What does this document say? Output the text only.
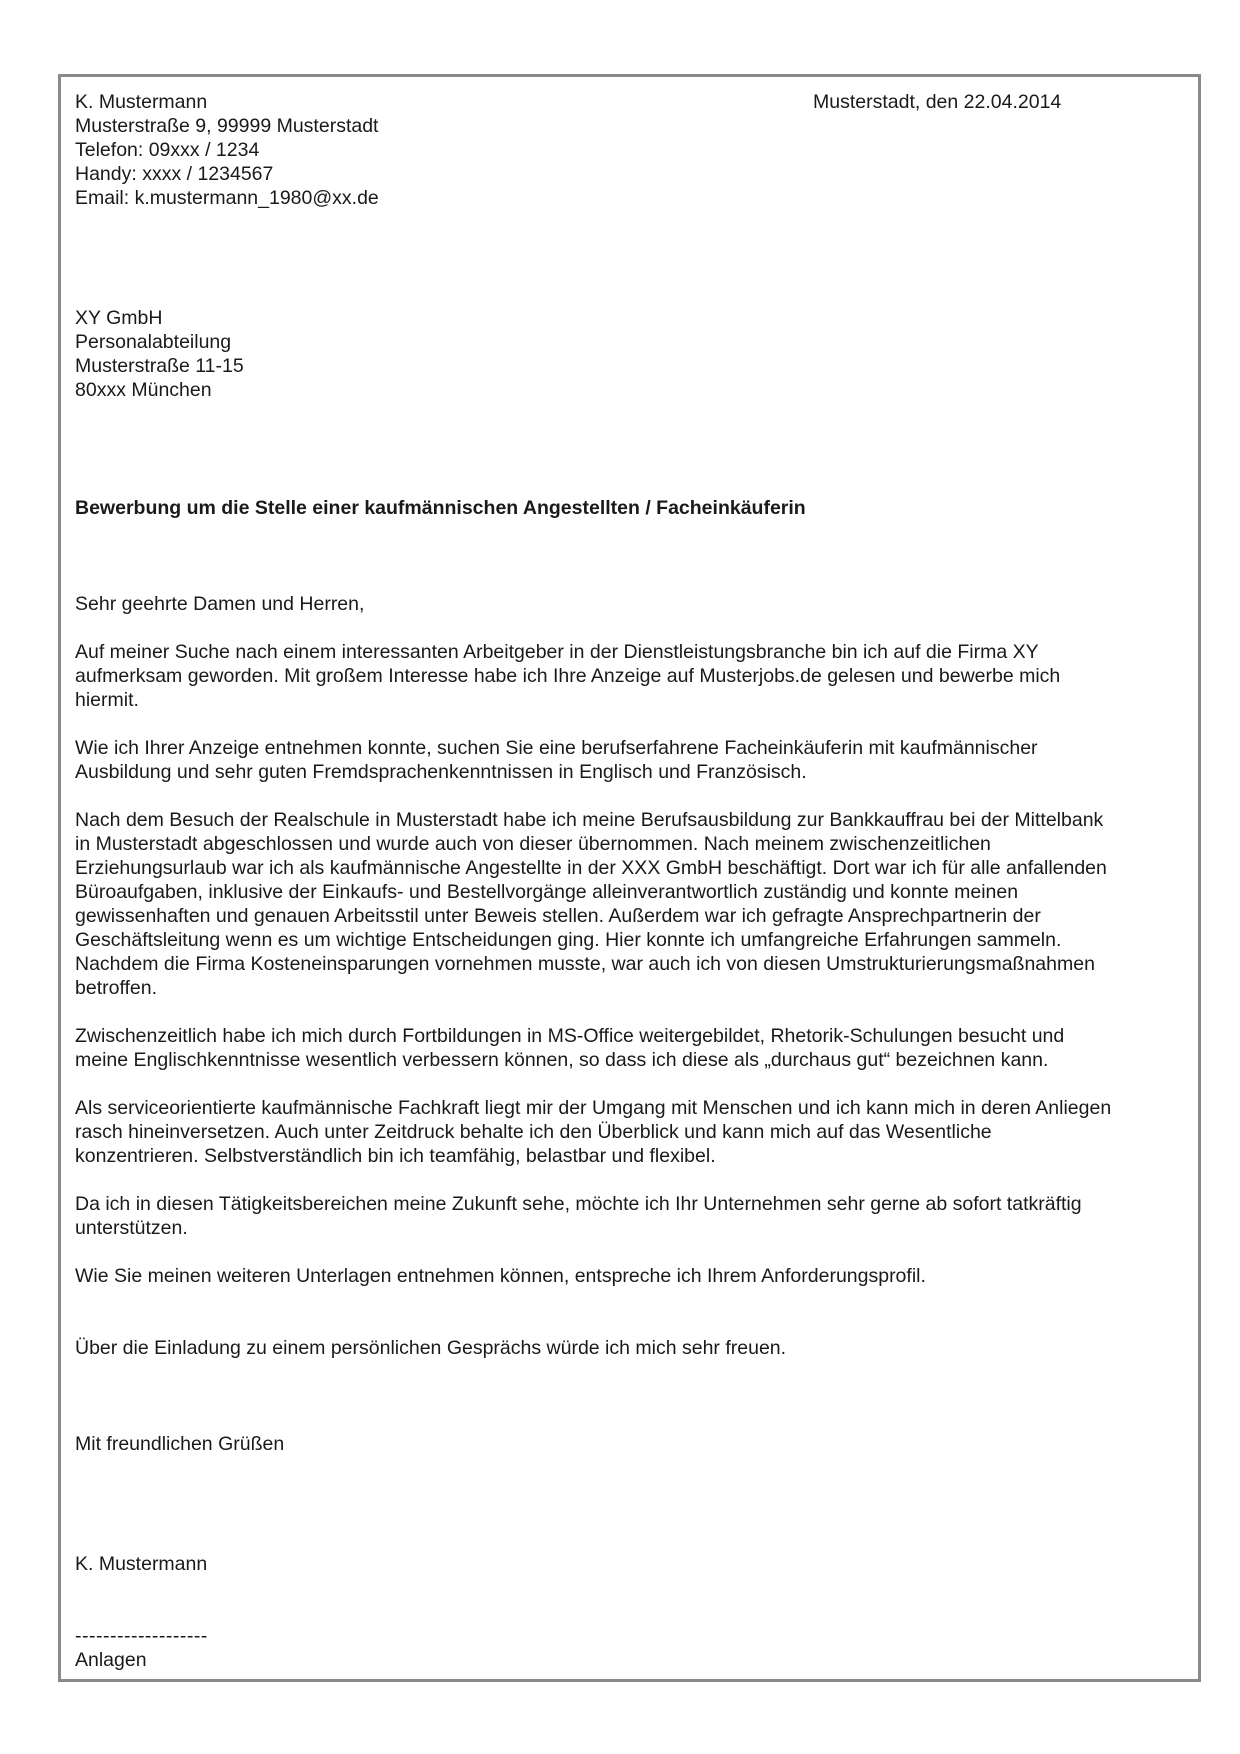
K. Mustermann
Musterstraße 9, 99999 Musterstadt
Telefon: 09xxx / 1234
Handy: xxxx / 1234567
Email: k.mustermann_1980@xx.de
Musterstadt, den 22.04.2014
XY GmbH
Personalabteilung
Musterstraße 11-15
80xxx München
Bewerbung um die Stelle einer kaufmännischen Angestellten / Facheinkäuferin
Sehr geehrte Damen und Herren,
Auf meiner Suche nach einem interessanten Arbeitgeber in der Dienstleistungsbranche bin ich auf die Firma XY
aufmerksam geworden. Mit großem Interesse habe ich Ihre Anzeige auf Musterjobs.de gelesen und bewerbe mich
hiermit.
Wie ich Ihrer Anzeige entnehmen konnte, suchen Sie eine berufserfahrene Facheinkäuferin mit kaufmännischer
Ausbildung und sehr guten Fremdsprachenkenntnissen in Englisch und Französisch.
Nach dem Besuch der Realschule in Musterstadt habe ich meine Berufsausbildung zur Bankkauffrau bei der Mittelbank
in Musterstadt abgeschlossen und wurde auch von dieser übernommen. Nach meinem zwischenzeitlichen
Erziehungsurlaub war ich als kaufmännische Angestellte in der XXX GmbH beschäftigt. Dort war ich für alle anfallenden
Büroaufgaben, inklusive der Einkaufs- und Bestellvorgänge alleinverantwortlich zuständig und konnte meinen
gewissenhaften und genauen Arbeitsstil unter Beweis stellen. Außerdem war ich gefragte Ansprechpartnerin der
Geschäftsleitung wenn es um wichtige Entscheidungen ging. Hier konnte ich umfangreiche Erfahrungen sammeln.
Nachdem die Firma Kosteneinsparungen vornehmen musste, war auch ich von diesen Umstrukturierungsmaßnahmen
betroffen.
Zwischenzeitlich habe ich mich durch Fortbildungen in MS-Office weitergebildet, Rhetorik-Schulungen besucht und
meine Englischkenntnisse wesentlich verbessern können, so dass ich diese als „durchaus gut“ bezeichnen kann.
Als serviceorientierte kaufmännische Fachkraft liegt mir der Umgang mit Menschen und ich kann mich in deren Anliegen
rasch hineinversetzen. Auch unter Zeitdruck behalte ich den Überblick und kann mich auf das Wesentliche
konzentrieren. Selbstverständlich bin ich teamfähig, belastbar und flexibel.
Da ich in diesen Tätigkeitsbereichen meine Zukunft sehe, möchte ich Ihr Unternehmen sehr gerne ab sofort tatkräftig
unterstützen.
Wie Sie meinen weiteren Unterlagen entnehmen können, entspreche ich Ihrem Anforderungsprofil.
Über die Einladung zu einem persönlichen Gesprächs würde ich mich sehr freuen.
Mit freundlichen Grüßen
K. Mustermann
-------------------
Anlagen
